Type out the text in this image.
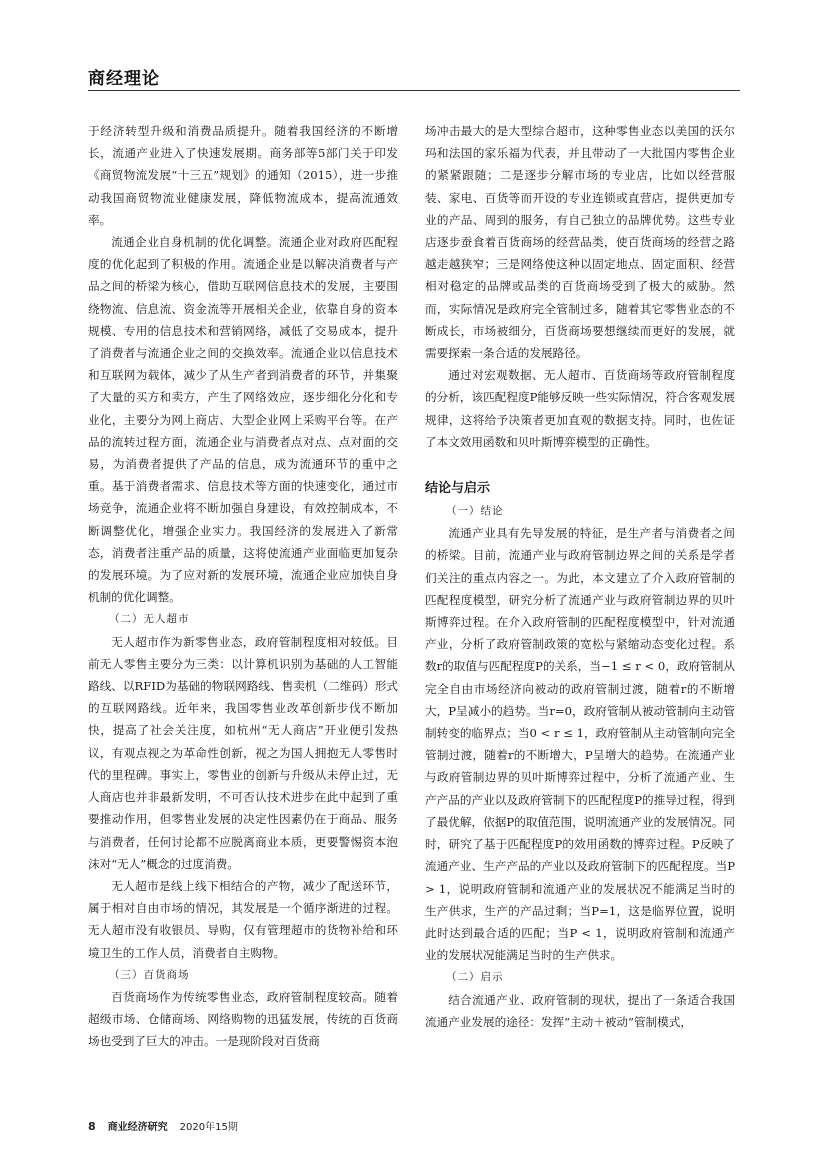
商经理论

于经济转型升级和消费品质提升。随着我国经济的不断增长，流通产业进入了快速发展期。商务部等5部门关于印发《商贸物流发展“十三五”规划》的通知（2015），进一步推动我国商贸物流业健康发展，降低物流成本，提高流通效率。

流通企业自身机制的优化调整。流通企业对政府匹配程度的优化起到了积极的作用。流通企业是以解决消费者与产品之间的桥梁为核心，借助互联网信息技术的发展，主要围绕物流、信息流、资金流等开展相关企业，依靠自身的资本规模、专用的信息技术和营销网络，减低了交易成本，提升了消费者与流通企业之间的交换效率。流通企业以信息技术和互联网为载体，减少了从生产者到消费者的环节，并集聚了大量的买方和卖方，产生了网络效应，逐步细化分化和专业化，主要分为网上商店、大型企业网上采购平台等。在产品的流转过程方面，流通企业与消费者点对点、点对面的交易，为消费者提供了产品的信息，成为流通环节的重中之重。基于消费者需求、信息技术等方面的快速变化，通过市场竞争，流通企业将不断加强自身建设，有效控制成本，不断调整优化，增强企业实力。我国经济的发展进入了新常态，消费者注重产品的质量，这将使流通产业面临更加复杂的发展环境。为了应对新的发展环境，流通企业应加快自身机制的优化调整。

（二）无人超市

无人超市作为新零售业态，政府管制程度相对较低。目前无人零售主要分为三类：以计算机识别为基础的人工智能路线、以RFID为基础的物联网路线、售卖机（二维码）形式的互联网路线。近年来，我国零售业改革创新步伐不断加快，提高了社会关注度，如杭州“无人商店”开业便引发热议，有观点视之为革命性创新，视之为国人拥抱无人零售时代的里程碑。事实上，零售业的创新与升级从未停止过，无人商店也并非最新发明，不可否认技术进步在此中起到了重要推动作用，但零售业发展的决定性因素仍在于商品、服务与消费者，任何讨论都不应脱离商业本质，更要警惕资本泡沫对“无人”概念的过度消费。

无人超市是线上线下相结合的产物，减少了配送环节，属于相对自由市场的情况，其发展是一个循序渐进的过程。无人超市没有收银员、导购，仅有管理超市的货物补给和环境卫生的工作人员，消费者自主购物。

（三）百货商场

百货商场作为传统零售业态，政府管制程度较高。随着超级市场、仓储商场、网络购物的迅猛发展，传统的百货商场也受到了巨大的冲击。一是现阶段对百货商

场冲击最大的是大型综合超市，这种零售业态以美国的沃尔玛和法国的家乐福为代表，并且带动了一大批国内零售企业的紧紧跟随；二是逐步分解市场的专业店，比如以经营服装、家电、百货等而开设的专业连锁或直营店，提供更加专业的产品、周到的服务，有自己独立的品牌优势。这些专业店逐步蚕食着百货商场的经营品类，使百货商场的经营之路越走越狭窄；三是网络使这种以固定地点、固定面积、经营相对稳定的品牌或品类的百货商场受到了极大的威胁。然而，实际情况是政府完全管制过多，随着其它零售业态的不断成长，市场被细分，百货商场要想继续而更好的发展，就需要探索一条合适的发展路径。

通过对宏观数据、无人超市、百货商场等政府管制程度的分析，该匹配程度P能够反映一些实际情况，符合客观发展规律，这将给予决策者更加直观的数据支持。同时，也佐证了本文效用函数和贝叶斯博弈模型的正确性。

结论与启示

（一）结论

流通产业具有先导发展的特征，是生产者与消费者之间的桥梁。目前，流通产业与政府管制边界之间的关系是学者们关注的重点内容之一。为此，本文建立了介入政府管制的匹配程度模型，研究分析了流通产业与政府管制边界的贝叶斯博弈过程。在介入政府管制的匹配程度模型中，针对流通产业，分析了政府管制政策的宽松与紧缩动态变化过程。系数r的取值与匹配程度P的关系，当−1 ≤ r < 0，政府管制从完全自由市场经济向被动的政府管制过渡，随着r的不断增大，P呈减小的趋势。当r=0，政府管制从被动管制向主动管制转变的临界点；当0 < r ≤ 1，政府管制从主动管制向完全管制过渡，随着r的不断增大，P呈增大的趋势。在流通产业与政府管制边界的贝叶斯博弈过程中，分析了流通产业、生产产品的产业以及政府管制下的匹配程度P的推导过程，得到了最优解，依据P的取值范围，说明流通产业的发展情况。同时，研究了基于匹配程度P的效用函数的博弈过程。P反映了流通产业、生产产品的产业以及政府管制下的匹配程度。当P > 1，说明政府管制和流通产业的发展状况不能满足当时的生产供求，生产的产品过剩；当P=1，这是临界位置，说明此时达到最合适的匹配；当P < 1，说明政府管制和流通产业的发展状况能满足当时的生产供求。

（二）启示

结合流通产业、政府管制的现状，提出了一条适合我国流通产业发展的途径：发挥“主动＋被动”管制模式，

8 商业经济研究 2020年15期
